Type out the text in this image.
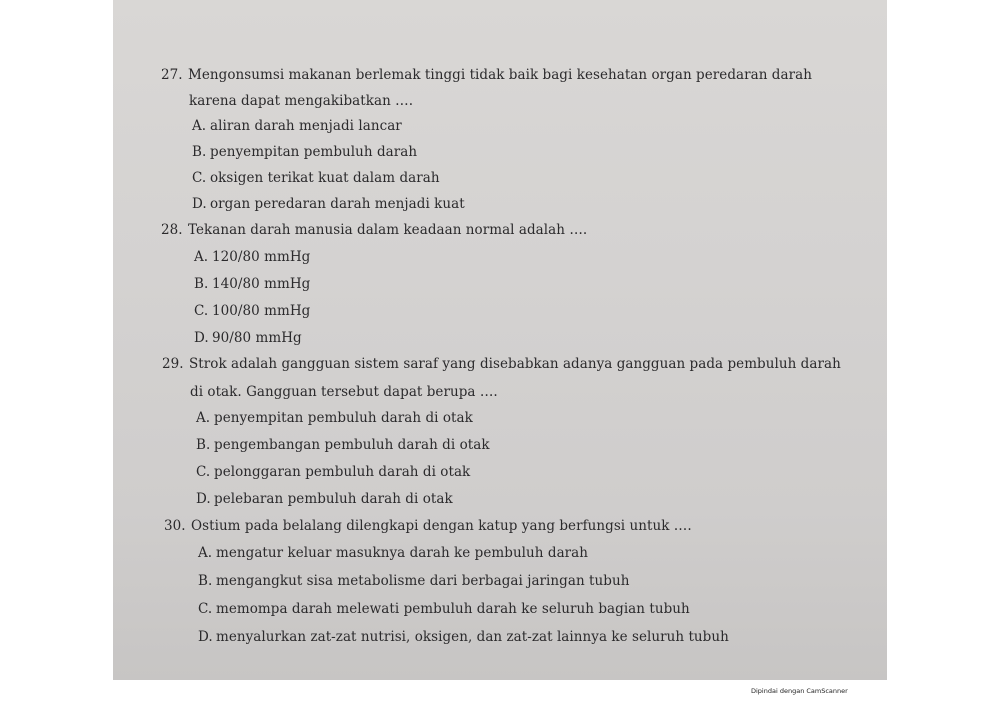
27. Mengonsumsi makanan berlemak tinggi tidak baik bagi kesehatan organ peredaran darah
karena dapat mengakibatkan ….
A. aliran darah menjadi lancar
B. penyempitan pembuluh darah
C. oksigen terikat kuat dalam darah
D. organ peredaran darah menjadi kuat
28. Tekanan darah manusia dalam keadaan normal adalah ….
A. 120/80 mmHg
B. 140/80 mmHg
C. 100/80 mmHg
D. 90/80 mmHg
29. Strok adalah gangguan sistem saraf yang disebabkan adanya gangguan pada pembuluh darah
di otak. Gangguan tersebut dapat berupa ….
A. penyempitan pembuluh darah di otak
B. pengembangan pembuluh darah di otak
C. pelonggaran pembuluh darah di otak
D. pelebaran pembuluh darah di otak
30. Ostium pada belalang dilengkapi dengan katup yang berfungsi untuk ….
A. mengatur keluar masuknya darah ke pembuluh darah
B. mengangkut sisa metabolisme dari berbagai jaringan tubuh
C. memompa darah melewati pembuluh darah ke seluruh bagian tubuh
D. menyalurkan zat-zat nutrisi, oksigen, dan zat-zat lainnya ke seluruh tubuh
Dipindai dengan CamScanner
